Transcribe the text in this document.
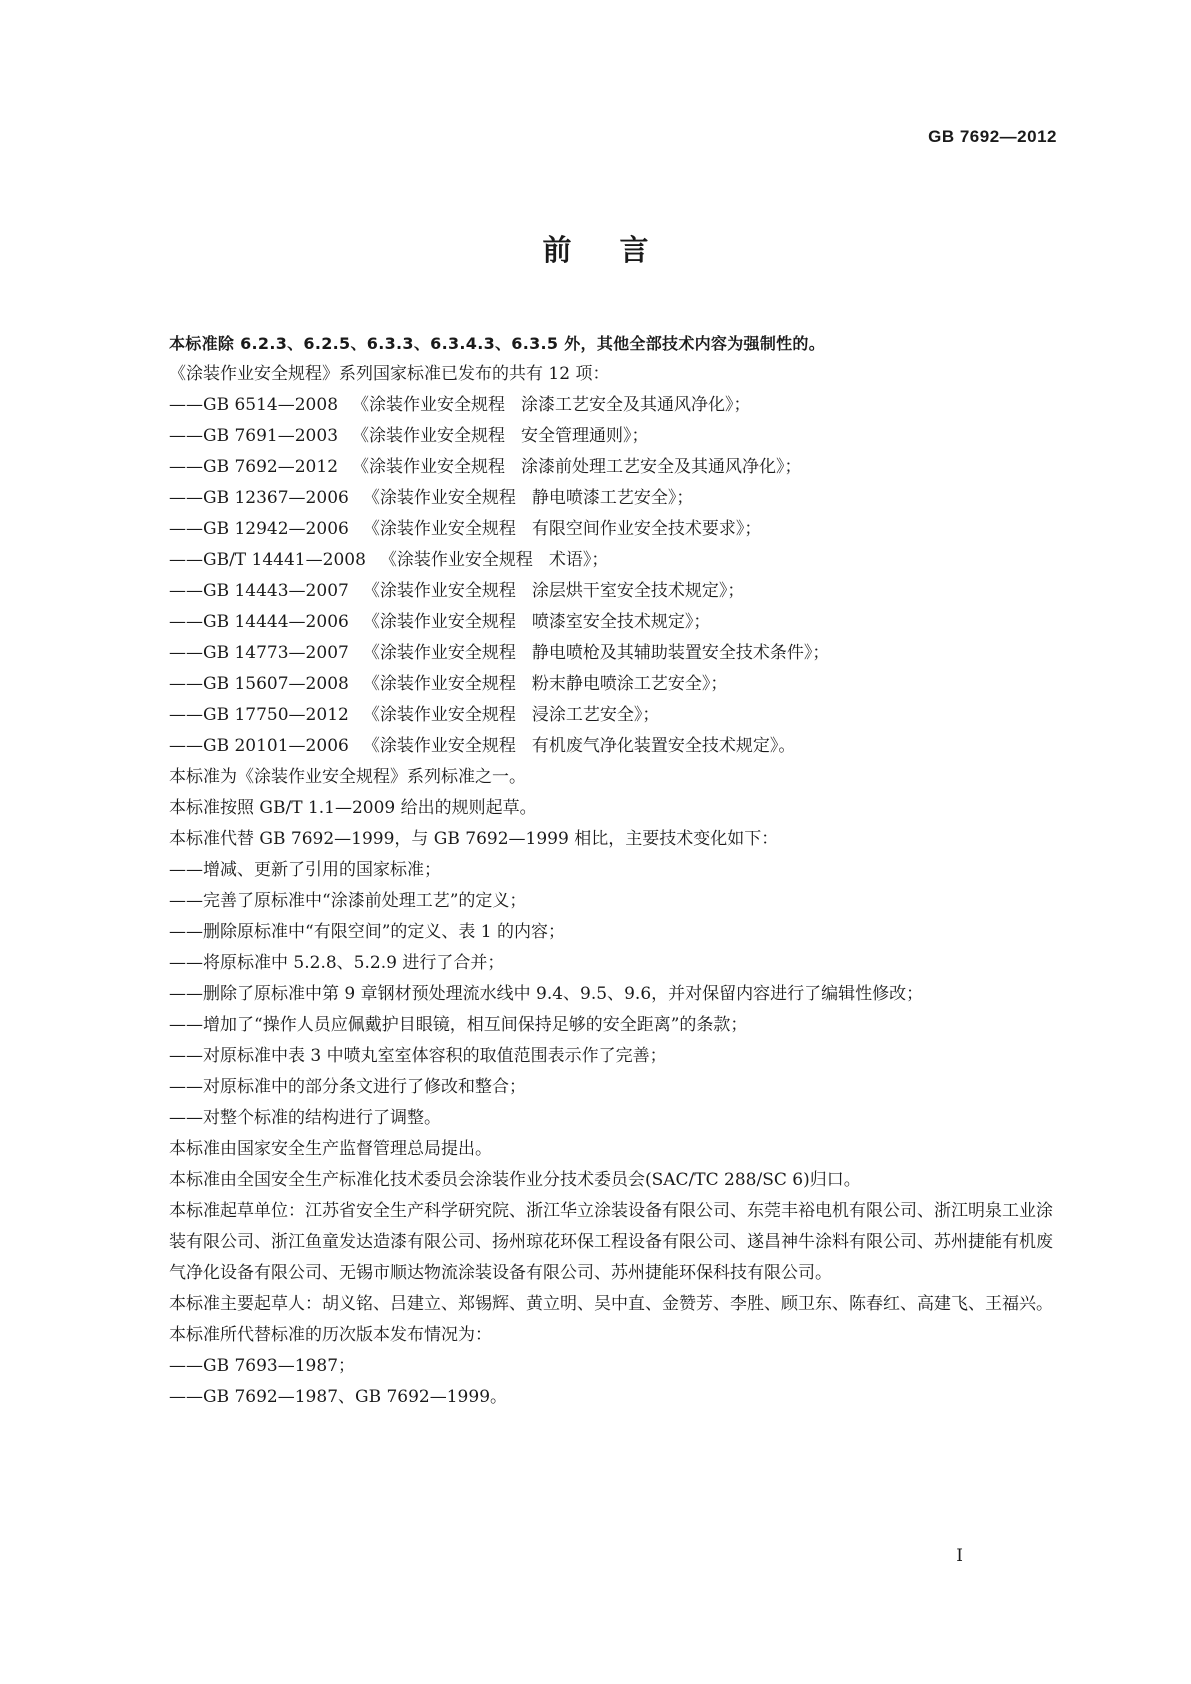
GB 7692—2012
前言
本标准除 6.2.3、6.2.5、6.3.3、6.3.4.3、6.3.5 外，其他全部技术内容为强制性的。
《涂装作业安全规程》系列国家标准已发布的共有 12 项：
——GB 6514—2008 《涂装作业安全规程 涂漆工艺安全及其通风净化》；
——GB 7691—2003 《涂装作业安全规程 安全管理通则》；
——GB 7692—2012 《涂装作业安全规程 涂漆前处理工艺安全及其通风净化》；
——GB 12367—2006 《涂装作业安全规程 静电喷漆工艺安全》；
——GB 12942—2006 《涂装作业安全规程 有限空间作业安全技术要求》；
——GB/T 14441—2008 《涂装作业安全规程 术语》；
——GB 14443—2007 《涂装作业安全规程 涂层烘干室安全技术规定》；
——GB 14444—2006 《涂装作业安全规程 喷漆室安全技术规定》；
——GB 14773—2007 《涂装作业安全规程 静电喷枪及其辅助装置安全技术条件》；
——GB 15607—2008 《涂装作业安全规程 粉末静电喷涂工艺安全》；
——GB 17750—2012 《涂装作业安全规程 浸涂工艺安全》；
——GB 20101—2006 《涂装作业安全规程 有机废气净化装置安全技术规定》。
本标准为《涂装作业安全规程》系列标准之一。
本标准按照 GB/T 1.1—2009 给出的规则起草。
本标准代替 GB 7692—1999，与 GB 7692—1999 相比，主要技术变化如下：
——增减、更新了引用的国家标准；
——完善了原标准中“涂漆前处理工艺”的定义；
——删除原标准中“有限空间”的定义、表 1 的内容；
——将原标准中 5.2.8、5.2.9 进行了合并；
——删除了原标准中第 9 章钢材预处理流水线中 9.4、9.5、9.6，并对保留内容进行了编辑性修改；
——增加了“操作人员应佩戴护目眼镜，相互间保持足够的安全距离”的条款；
——对原标准中表 3 中喷丸室室体容积的取值范围表示作了完善；
——对原标准中的部分条文进行了修改和整合；
——对整个标准的结构进行了调整。
本标准由国家安全生产监督管理总局提出。
本标准由全国安全生产标准化技术委员会涂装作业分技术委员会(SAC/TC 288/SC 6)归口。
本标准起草单位：江苏省安全生产科学研究院、浙江华立涂装设备有限公司、东莞丰裕电机有限公司、浙江明泉工业涂装有限公司、浙江鱼童发达造漆有限公司、扬州琼花环保工程设备有限公司、遂昌神牛涂料有限公司、苏州捷能有机废气净化设备有限公司、无锡市顺达物流涂装设备有限公司、苏州捷能环保科技有限公司。
本标准主要起草人：胡义铭、吕建立、郑锡辉、黄立明、吴中直、金赞芳、李胜、顾卫东、陈春红、高建飞、王福兴。
本标准所代替标准的历次版本发布情况为：
——GB 7693—1987；
——GB 7692—1987、GB 7692—1999。
I
